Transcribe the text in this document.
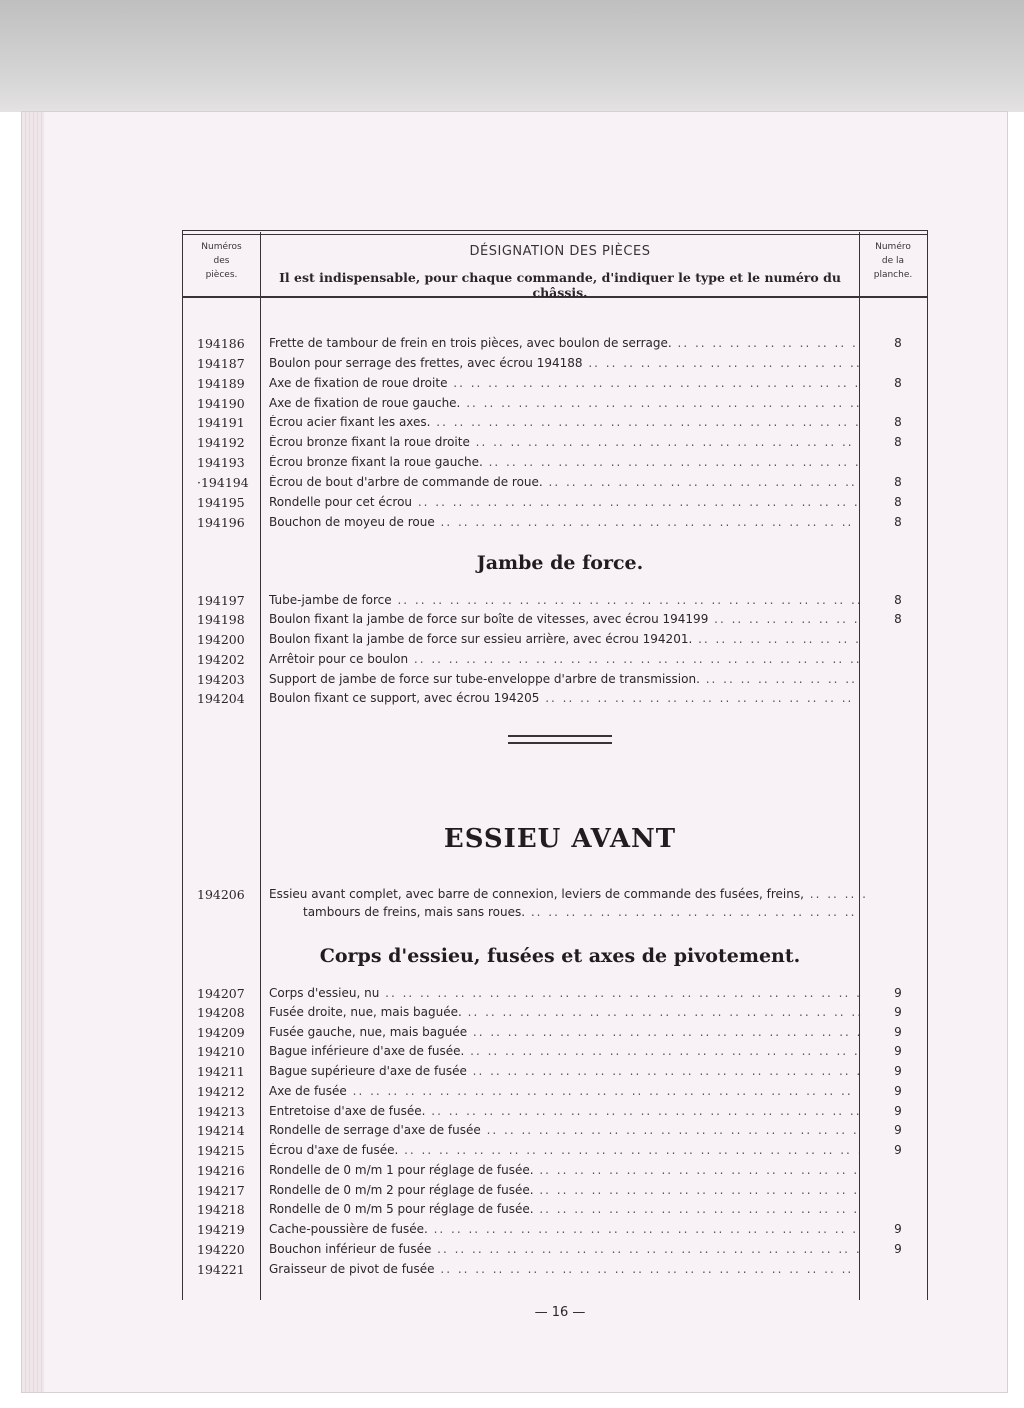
Numéros
des
pièces.
DÉSIGNATION DES PIÈCES
Il est indispensable, pour chaque commande, d'indiquer le type et le numéro du châssis.
Numéro
de la
planche.
194186	Frette de tambour de frein en trois pièces, avec boulon de serrage. .. ..	8
194187	Boulon pour serrage des frettes, avec écrou 194188 .. ..
194189	Axe de fixation de roue droite .. ..	8
194190	Axe de fixation de roue gauche. .. ..
194191	Écrou acier fixant les axes. .. ..	8
194192	Écrou bronze fixant la roue droite .. ..	8
194193	Écrou bronze fixant la roue gauche. .. ..
·194194	Écrou de bout d'arbre de commande de roue. .. ..	8
194195	Rondelle pour cet écrou .. ..	8
194196	Bouchon de moyeu de roue .. ..	8
Jambe de force.
194197	Tube-jambe de force .. ..	8
194198	Boulon fixant la jambe de force sur boîte de vitesses, avec écrou 194199 .. ..	8
194200	Boulon fixant la jambe de force sur essieu arrière, avec écrou 194201. .. ..
194202	Arrêtoir pour ce boulon .. ..
194203	Support de jambe de force sur tube-enveloppe d'arbre de transmission. .. ..
194204	Boulon fixant ce support, avec écrou 194205 .. ..
ESSIEU AVANT
194206	Essieu avant complet, avec barre de connexion, leviers de commande des fusées, freins, .. ..
tambours de freins, mais sans roues. .. ..
Corps d'essieu, fusées et axes de pivotement.
194207	Corps d'essieu, nu .. ..	9
194208	Fusée droite, nue, mais baguée. .. ..	9
194209	Fusée gauche, nue, mais baguée .. ..	9
194210	Bague inférieure d'axe de fusée. .. ..	9
194211	Bague supérieure d'axe de fusée .. ..	9
194212	Axe de fusée .. ..	9
194213	Entretoise d'axe de fusée. .. ..	9
194214	Rondelle de serrage d'axe de fusée .. ..	9
194215	Écrou d'axe de fusée. .. ..	9
194216	Rondelle de 0 m/m 1 pour réglage de fusée. .. ..
194217	Rondelle de 0 m/m 2 pour réglage de fusée. .. ..
194218	Rondelle de 0 m/m 5 pour réglage de fusée. .. ..
194219	Cache-poussière de fusée. .. ..	9
194220	Bouchon inférieur de fusée .. ..	9
194221	Graisseur de pivot de fusée .. ..
— 16 —
